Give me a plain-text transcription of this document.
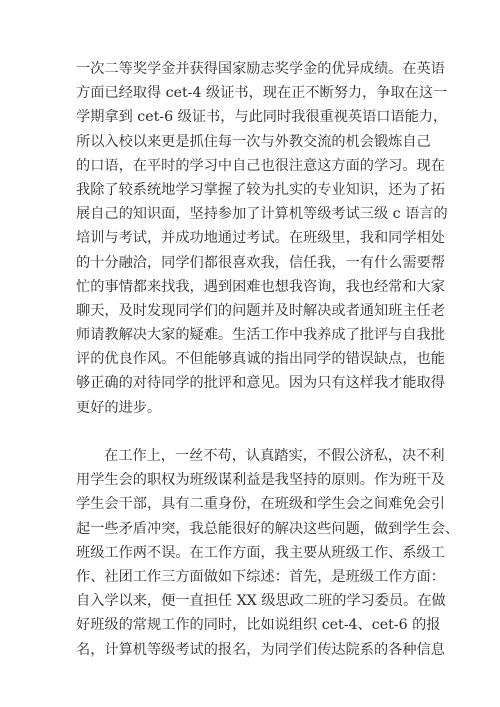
一次二等奖学金并获得国家励志奖学金的优异成绩。在英语
方面已经取得 cet-4 级证书，现在正不断努力，争取在这一
学期拿到 cet-6 级证书，与此同时我很重视英语口语能力，
所以入校以来更是抓住每一次与外教交流的机会锻炼自己
的口语，在平时的学习中自己也很注意这方面的学习。现在
我除了较系统地学习掌握了较为扎实的专业知识，还为了拓
展自己的知识面，坚持参加了计算机等级考试三级 c 语言的
培训与考试，并成功地通过考试。在班级里，我和同学相处
的十分融洽，同学们都很喜欢我，信任我，一有什么需要帮
忙的事情都来找我，遇到困难也想我咨询，我也经常和大家
聊天，及时发现同学们的问题并及时解决或者通知班主任老
师请教解决大家的疑难。生活工作中我养成了批评与自我批
评的优良作风。不但能够真诚的指出同学的错误缺点，也能
够正确的对待同学的批评和意见。因为只有这样我才能取得
更好的进步。
在工作上，一丝不苟，认真踏实，不假公济私，决不利
用学生会的职权为班级谋利益是我坚持的原则。作为班干及
学生会干部，具有二重身份，在班级和学生会之间难免会引
起一些矛盾冲突，我总能很好的解决这些问题，做到学生会、
班级工作两不误。在工作方面，我主要从班级工作、系级工
作、社团工作三方面做如下综述：首先，是班级工作方面：
自入学以来，便一直担任 XX 级思政二班的学习委员。在做
好班级的常规工作的同时，比如说组织 cet-4、cet-6 的报
名，计算机等级考试的报名，为同学们传达院系的各种信息
